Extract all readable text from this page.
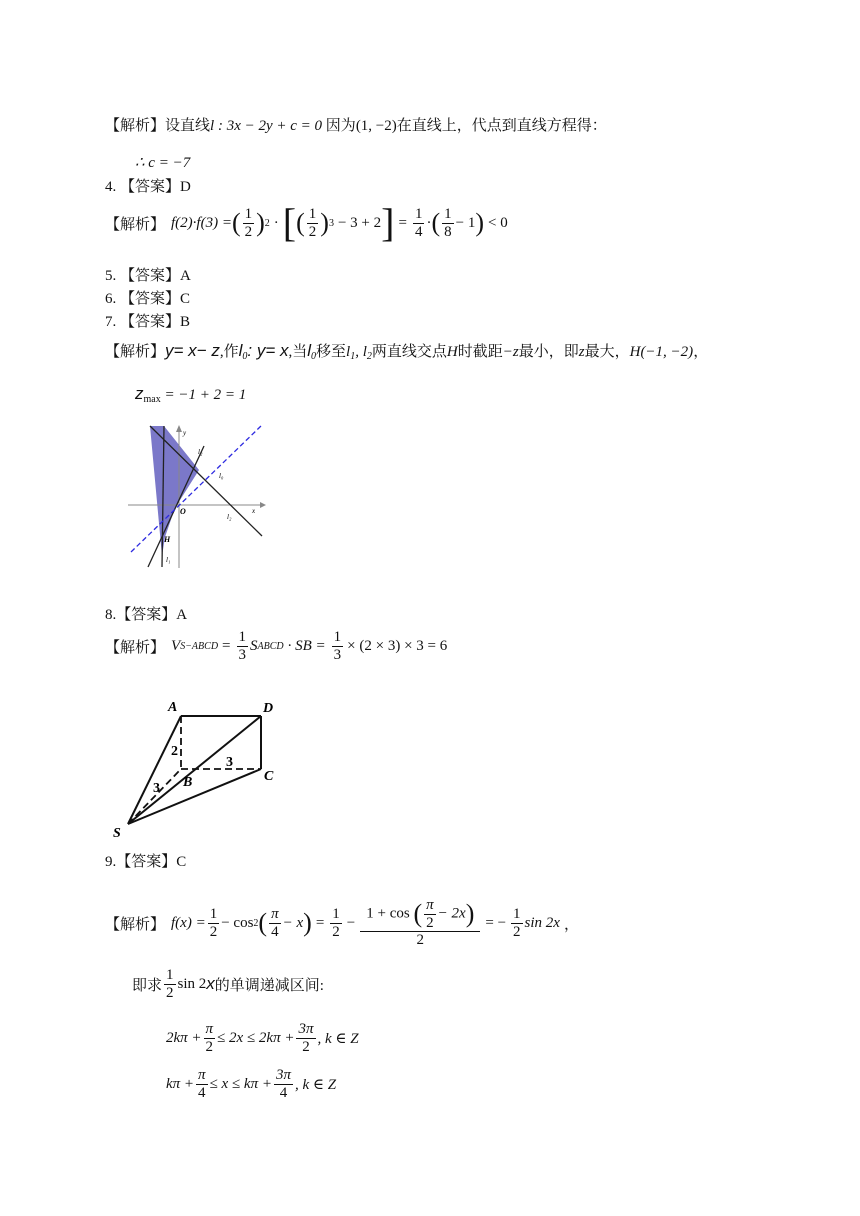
【解析】设直线l : 3x − 2y + c = 0 因为(1, −2)在直线上，代点到直线方程得：
∴ c = −7
4. 【答案】D
【解析】 f(2)·f(3) = ( $\frac{1}{2}$ ) 2 · [ ( $\frac{1}{2}$ ) 3 − 3 + 2 ] = $\frac{1}{4}$ · ( $\frac{1}{8} - 1$ ) < 0
5. 【答案】A
6. 【答案】C
7. 【答案】B
【解析】y= x− z,作$l_0$: y= x,当$l_0$移至$l_1$, $l_2$两直线交点H时截距−z最小，即z最大，H(−1, −2)，
$z_{max} = -1 + 2 = 1$
y
x
O
H
l₂
l₀
l₂
l₁
8.【答案】A
【解析】 V S−ABCD = $\frac{1}{3}$ S ABCD · SB = $\frac{1}{3} \times (2 \times 3) \times 3 = 6$
A	D
B	C
S
2
3
3
9.【答案】C
【解析】 $f(x) = \frac{1}{2} - \cos 2$ ( $\frac{\pi}{4} - x$ ) = $\frac{1}{2} - \frac{1 + \cos ( \frac{\pi}{2} - 2x)}{2}$ = − $\frac{1}{2}$ sin 2x ，
即求 $\frac{1}{2}$ sin 2 x 的单调递减区间:
$2k\pi + \frac{\pi}{2} \le 2x \le 2k\pi + \frac{3\pi}{2}$ , k ∈ Z
$k\pi + \frac{\pi}{4} \le x \le k\pi + \frac{3\pi}{4}$ , k ∈ Z
